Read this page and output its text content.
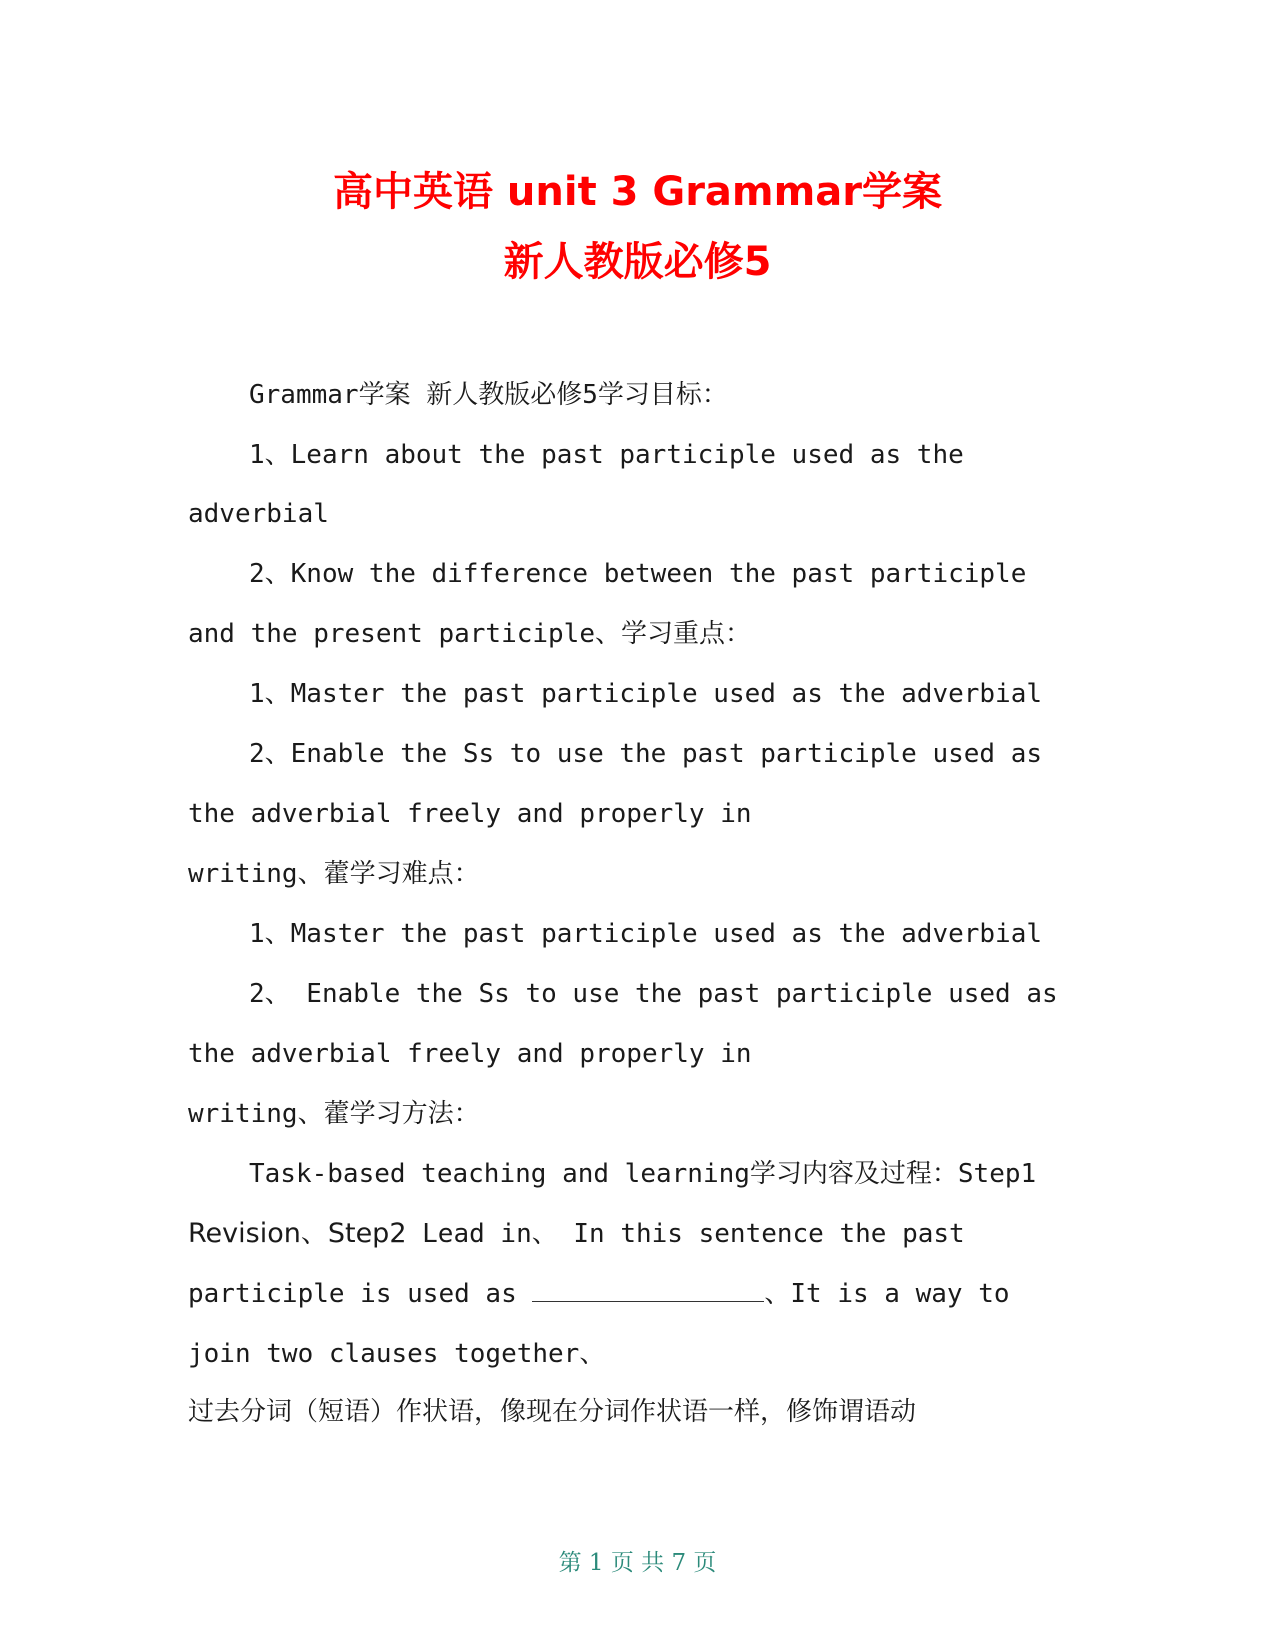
高中英语 unit 3 Grammar学案
新人教版必修5
Grammar学案 新人教版必修5学习目标：
1、Learn about the past participle used as the
adverbial
2、Know the difference between the past participle
and the present participle、学习重点：
1、Master the past participle used as the adverbial
2、Enable the Ss to use the past participle used as
the adverbial freely and properly in
writing、藿学习难点：
1、Master the past participle used as the adverbial
2、 Enable the Ss to use the past participle used as
the adverbial freely and properly in
writing、藿学习方法：
Task-based teaching and learning学习内容及过程：Step1
Revision、Step2 Lead in、 In this sentence the past
participle is used as	、It is a way to
join two clauses together、
过去分词（短语）作状语，像现在分词作状语一样，修饰谓语动
第 1 页 共 7 页
